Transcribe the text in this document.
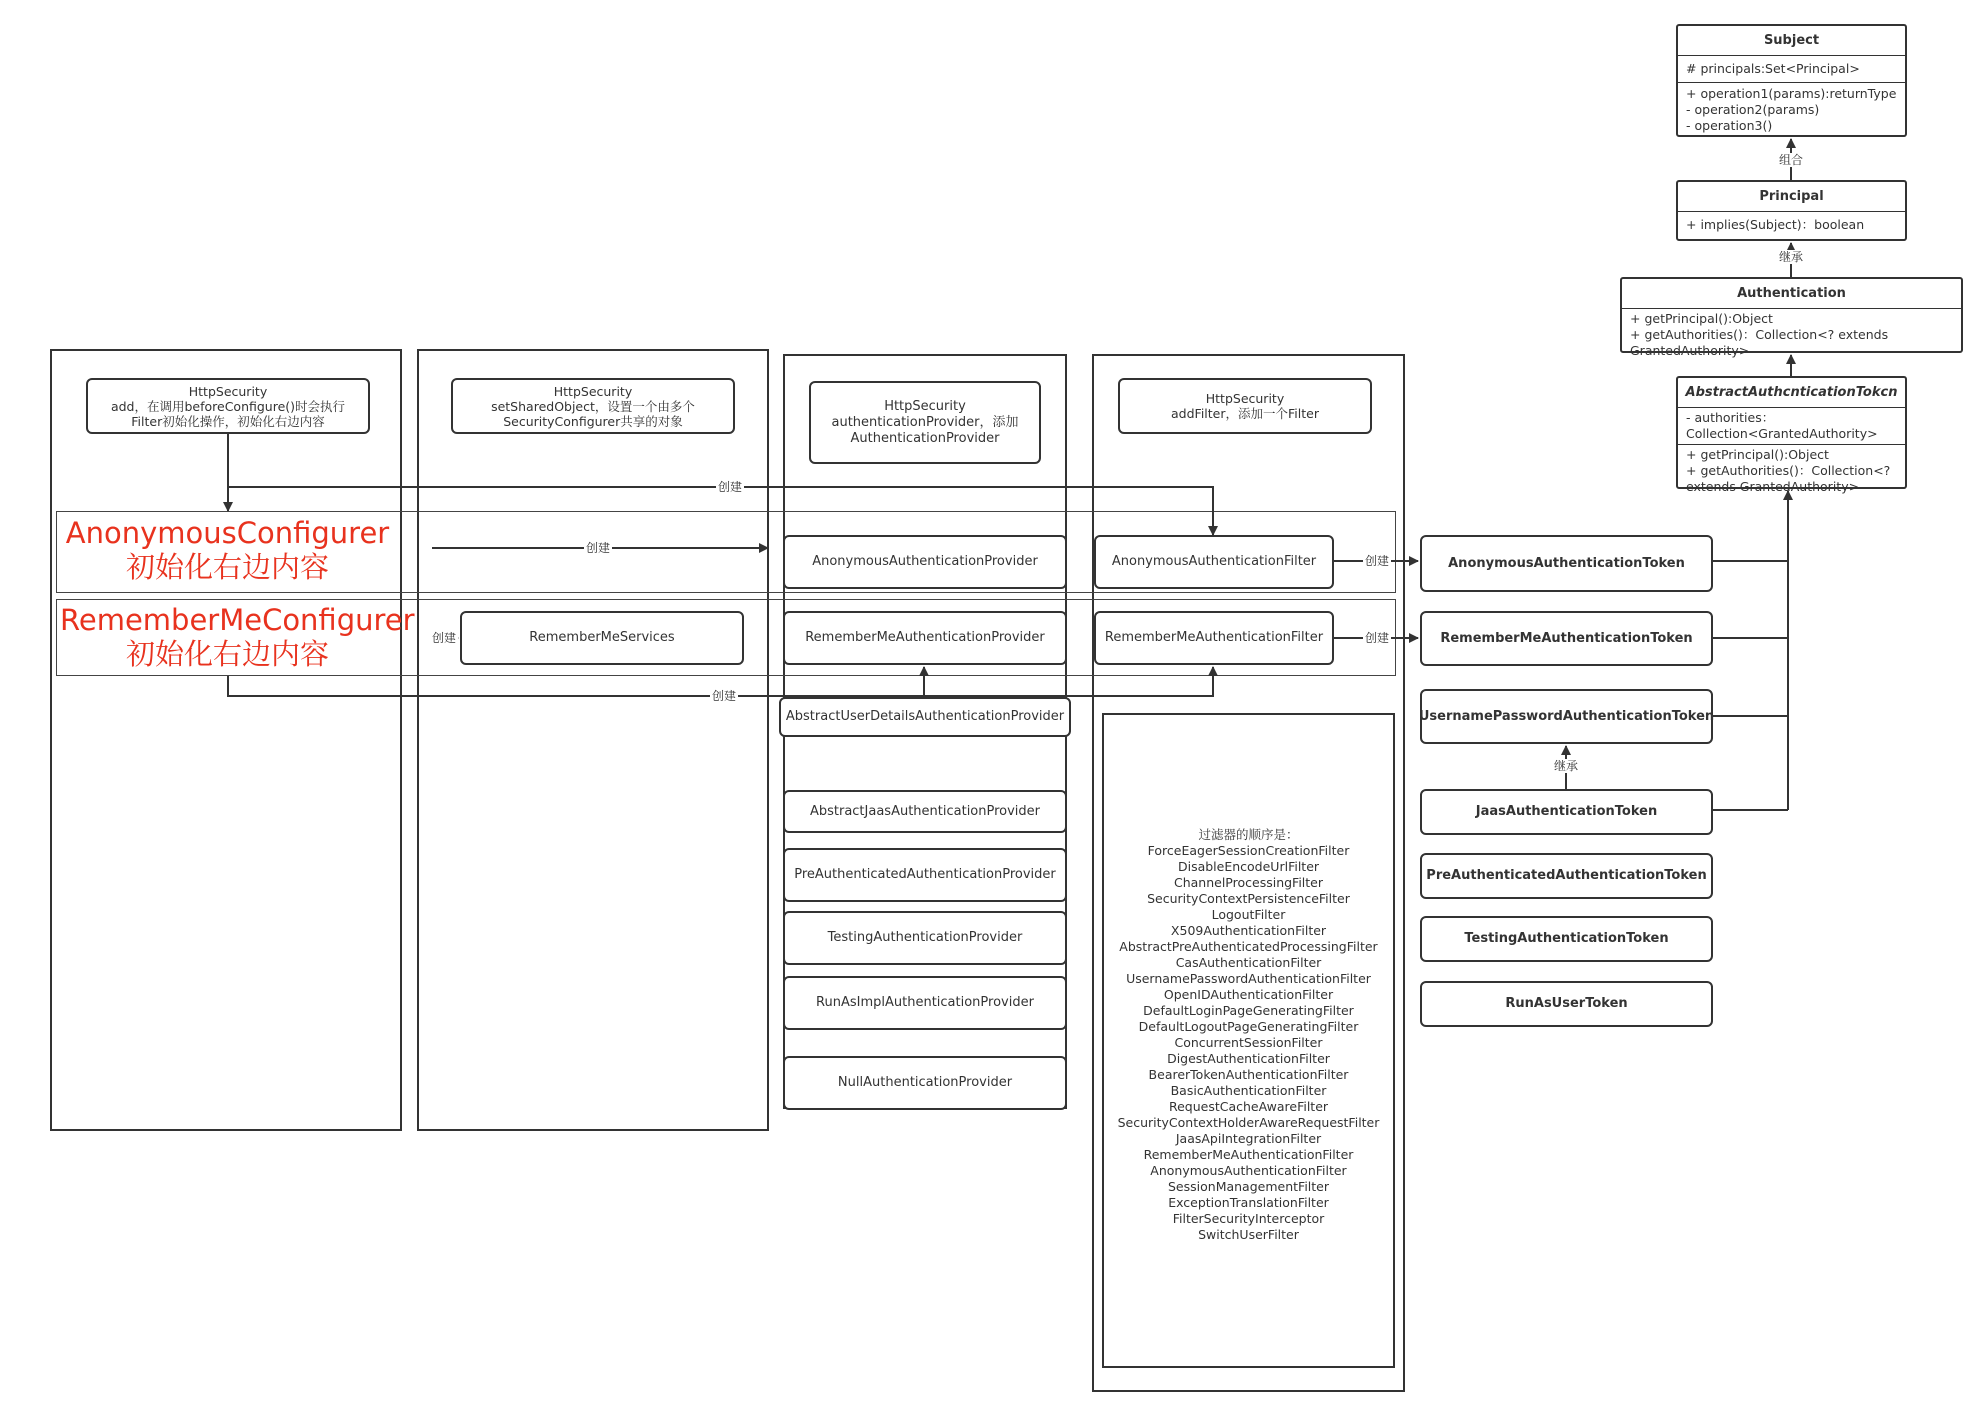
HttpSecurity
add，在调用beforeConfigure()时会执行
Filter初始化操作，初始化右边内容
HttpSecurity
setSharedObject，设置一个由多个
SecurityConfigurer共享的对象
HttpSecurity
authenticationProvider，添加
AuthenticationProvider
HttpSecurity
addFilter，添加一个Filter
AnonymousConfigurer
初始化右边内容
RememberMeConfigurer
初始化右边内容	RememberMeServices
AnonymousAuthenticationProvider
RememberMeAuthenticationProvider
AnonymousAuthenticationFilter
RememberMeAuthenticationFilter
AbstractUserDetailsAuthenticationProvider
AbstractJaasAuthenticationProvider
PreAuthenticatedAuthenticationProvider
TestingAuthenticationProvider
RunAsImplAuthenticationProvider
NullAuthenticationProvider
过滤器的顺序是：
ForceEagerSessionCreationFilter
DisableEncodeUrlFilter
ChannelProcessingFilter
SecurityContextPersistenceFilter
LogoutFilter
X509AuthenticationFilter
AbstractPreAuthenticatedProcessingFilter
CasAuthenticationFilter
UsernamePasswordAuthenticationFilter
OpenIDAuthenticationFilter
DefaultLoginPageGeneratingFilter
DefaultLogoutPageGeneratingFilter
ConcurrentSessionFilter
DigestAuthenticationFilter
BearerTokenAuthenticationFilter
BasicAuthenticationFilter
RequestCacheAwareFilter
SecurityContextHolderAwareRequestFilter
JaasApiIntegrationFilter
RememberMeAuthenticationFilter
AnonymousAuthenticationFilter
SessionManagementFilter
ExceptionTranslationFilter
FilterSecurityInterceptor
SwitchUserFilter
AnonymousAuthenticationToken
RememberMeAuthenticationToken
UsernamePasswordAuthenticationToken
JaasAuthenticationToken
PreAuthenticatedAuthenticationToken
TestingAuthenticationToken
RunAsUserToken
Subject
# principals:Set<Principal>
+ operation1(params):returnType
- operation2(params)
- operation3()
Principal
+ implies(Subject)：boolean
Authentication
+ getPrincipal():Object
+ getAuthorities()：Collection<? extends
GrantedAuthority>
AbstractAuthcnticationTokcn
- authorities：
Collection<GrantedAuthority>
+ getPrincipal():Object
+ getAuthorities()：Collection<?
extends GrantedAuthority>
创建
创建
创建
创建
创建
创建
继承
继承
组合
